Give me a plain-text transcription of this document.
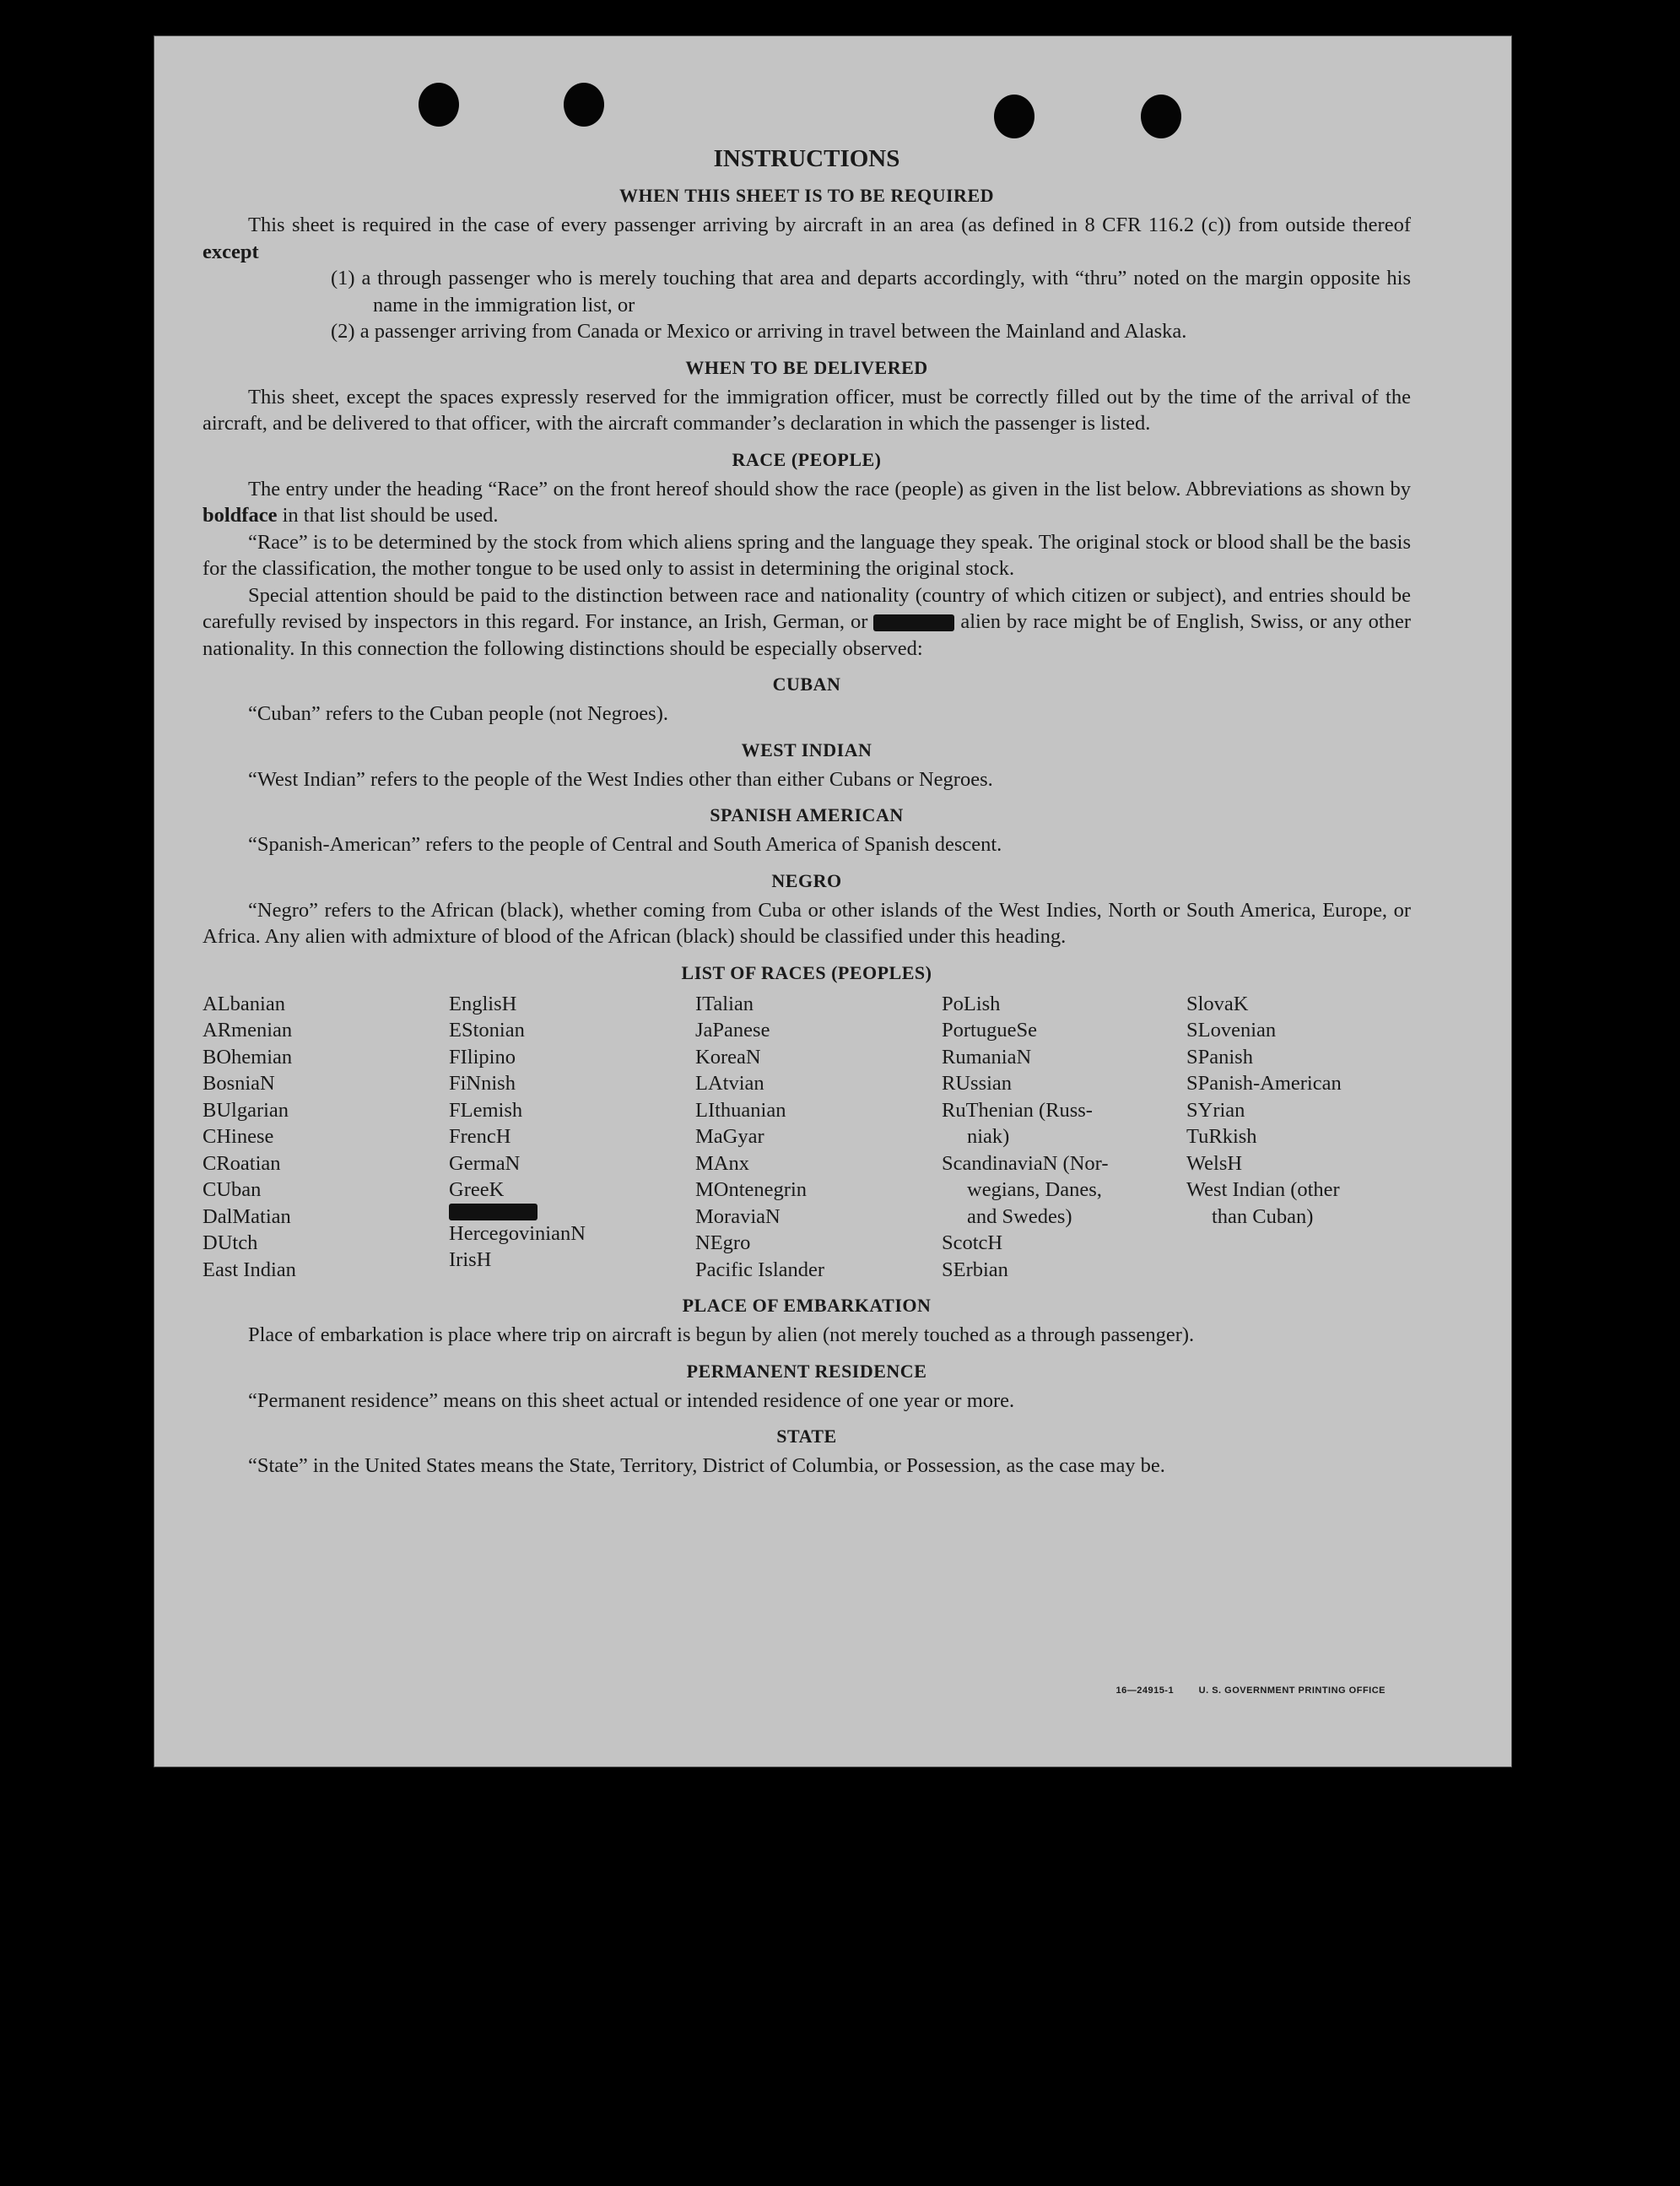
INSTRUCTIONS
WHEN THIS SHEET IS TO BE REQUIRED

This sheet is required in the case of every passenger arriving by aircraft in an area (as defined in 8 CFR 116.2 (c)) from outside thereof except

(1) a through passenger who is merely touching that area and departs accordingly, with “thru” noted on the margin opposite his name in the immigration list, or

(2) a passenger arriving from Canada or Mexico or arriving in travel between the Mainland and Alaska.

WHEN TO BE DELIVERED

This sheet, except the spaces expressly reserved for the immigration officer, must be correctly filled out by the time of the arrival of the aircraft, and be delivered to that officer, with the aircraft commander’s declaration in which the passenger is listed.

RACE (PEOPLE)

The entry under the heading “Race” on the front hereof should show the race (people) as given in the list below. Abbreviations as shown by boldface in that list should be used.

“Race” is to be determined by the stock from which aliens spring and the language they speak. The original stock or blood shall be the basis for the classification, the mother tongue to be used only to assist in determining the original stock.

Special attention should be paid to the distinction between race and nationality (country of which citizen or subject), and entries should be carefully revised by inspectors in this regard. For instance, an Irish, German, or	alien by race might be of English, Swiss, or any other nationality. In this connection the following distinctions should be especially observed:

CUBAN

“Cuban” refers to the Cuban people (not Negroes).

WEST INDIAN

“West Indian” refers to the people of the West Indies other than either Cubans or Negroes.

SPANISH AMERICAN

“Spanish-American” refers to the people of Central and South America of Spanish descent.

NEGRO

“Negro” refers to the African (black), whether coming from Cuba or other islands of the West Indies, North or South America, Europe, or Africa. Any alien with admixture of blood of the African (black) should be classified under this heading.

LIST OF RACES (PEOPLES)
ALbanian
ARmenian
BOhemian
BosniaN
BUlgarian
CHinese
CRoatian
CUban
DalMatian
DUtch
East Indian
EnglisH
EStonian
FIlipino
FiNnish
FLemish
FrencH
GermaN
GreeK
HercegovinianN
IrisH
ITalian
JaPanese
KoreaN
LAtvian
LIthuanian
MaGyar
MAnx
MOntenegrin
MoraviaN
NEgro
Pacific Islander
PoLish
PortugueSe
RumaniaN
RUssian
RuThenian (Russ-
niak)
ScandinaviaN (Nor-
wegians, Danes,
and Swedes)
ScotcH
SErbian
SlovaK
SLovenian
SPanish
SPanish-American
SYrian
TuRkish
WelsH
West Indian (other
than Cuban)
PLACE OF EMBARKATION

Place of embarkation is place where trip on aircraft is begun by alien (not merely touched as a through passenger).

PERMANENT RESIDENCE

“Permanent residence” means on this sheet actual or intended residence of one year or more.

STATE

“State” in the United States means the State, Territory, District of Columbia, or Possession, as the case may be.

16—24915-1	U. S. GOVERNMENT PRINTING OFFICE
